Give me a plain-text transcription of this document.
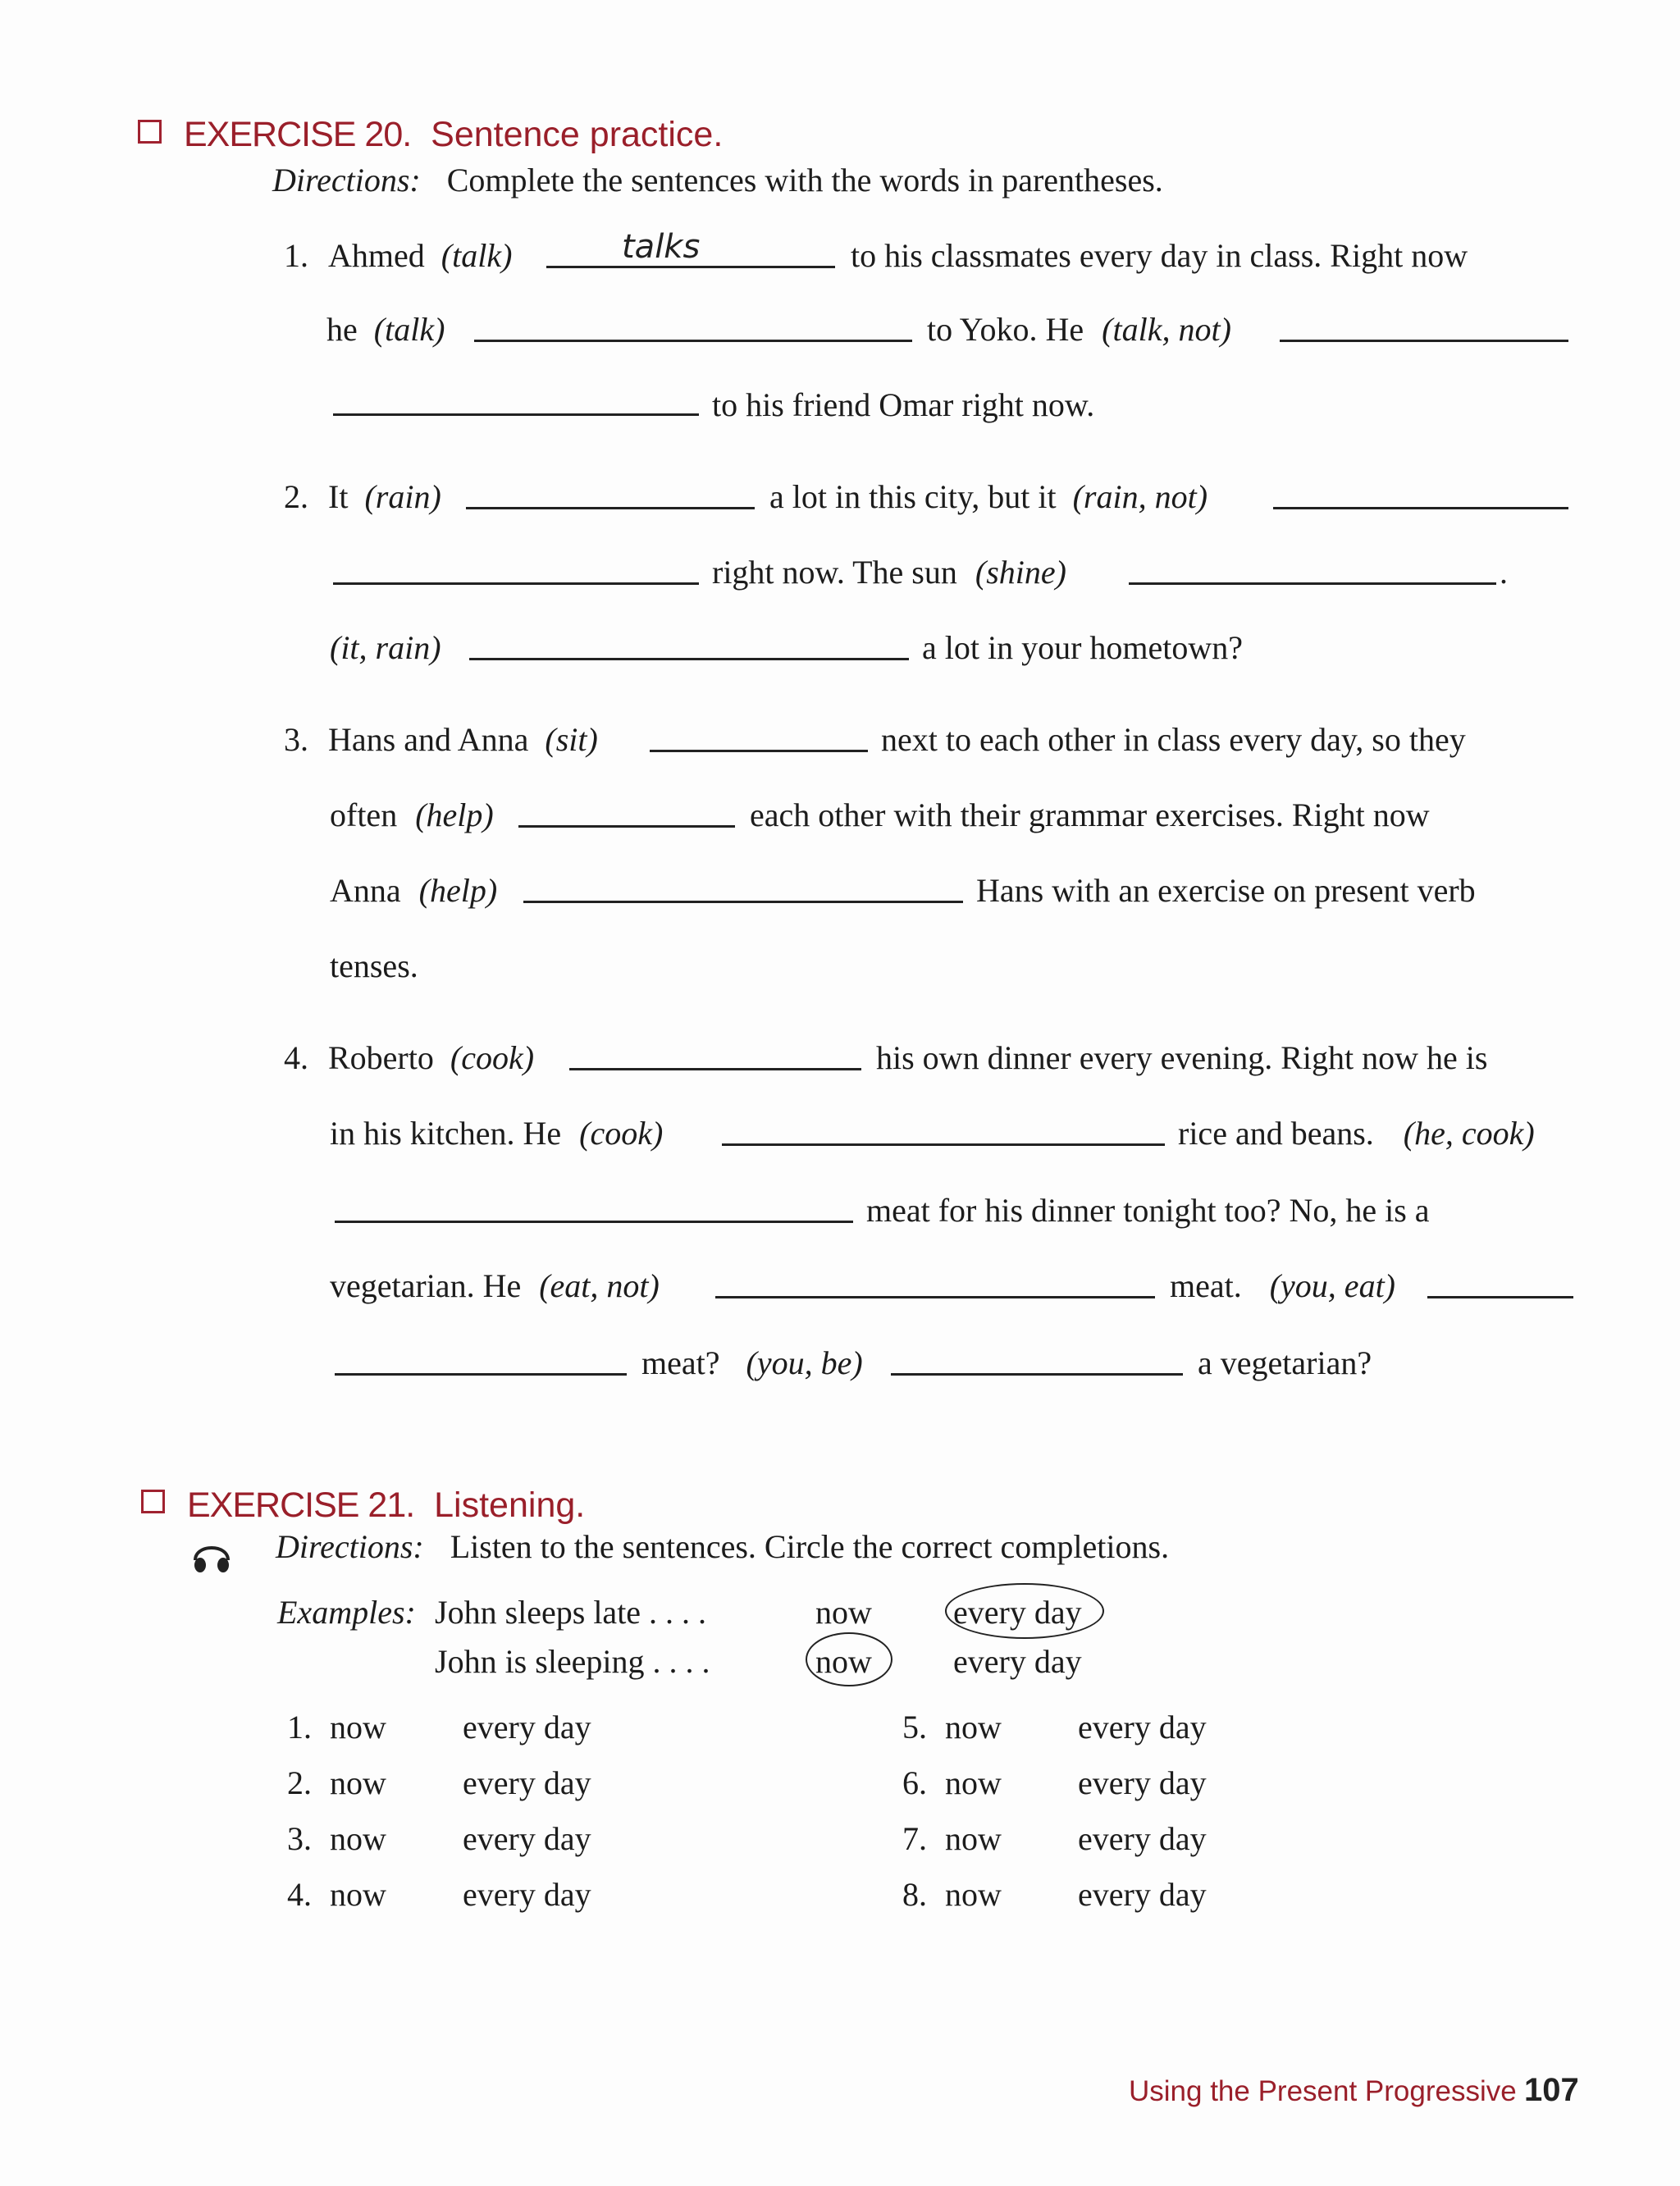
EXERCISE 20. Sentence practice.
Directions: Complete the sentences with the words in parentheses.
1. Ahmed (talk)	talks	to his classmates every day in class. Right now
he (talk)	to Yoko. He (talk, not)
to his friend Omar right now.
2. It (rain)	a lot in this city, but it (rain, not)
right now. The sun (shine)	.
(it, rain)	a lot in your hometown?
3. Hans and Anna (sit)	next to each other in class every day, so they
often (help)	each other with their grammar exercises. Right now
Anna (help)	Hans with an exercise on present verb
tenses.
4. Roberto (cook)	his own dinner every evening. Right now he is
in his kitchen. He (cook)	rice and beans. (he, cook)
meat for his dinner tonight too? No, he is a
vegetarian. He (eat, not)	meat. (you, eat)
meat? (you, be)	a vegetarian?
EXERCISE 21. Listening.
Directions: Listen to the sentences. Circle the correct completions.
Examples: John sleeps late . . . .	now every day
John is sleeping . . . .	now every day
1. now every day
2. now every day
3. now every day
4. now every day
5. now every day
6. now every day
7. now every day
8. now every day
Using the Present Progressive 107
